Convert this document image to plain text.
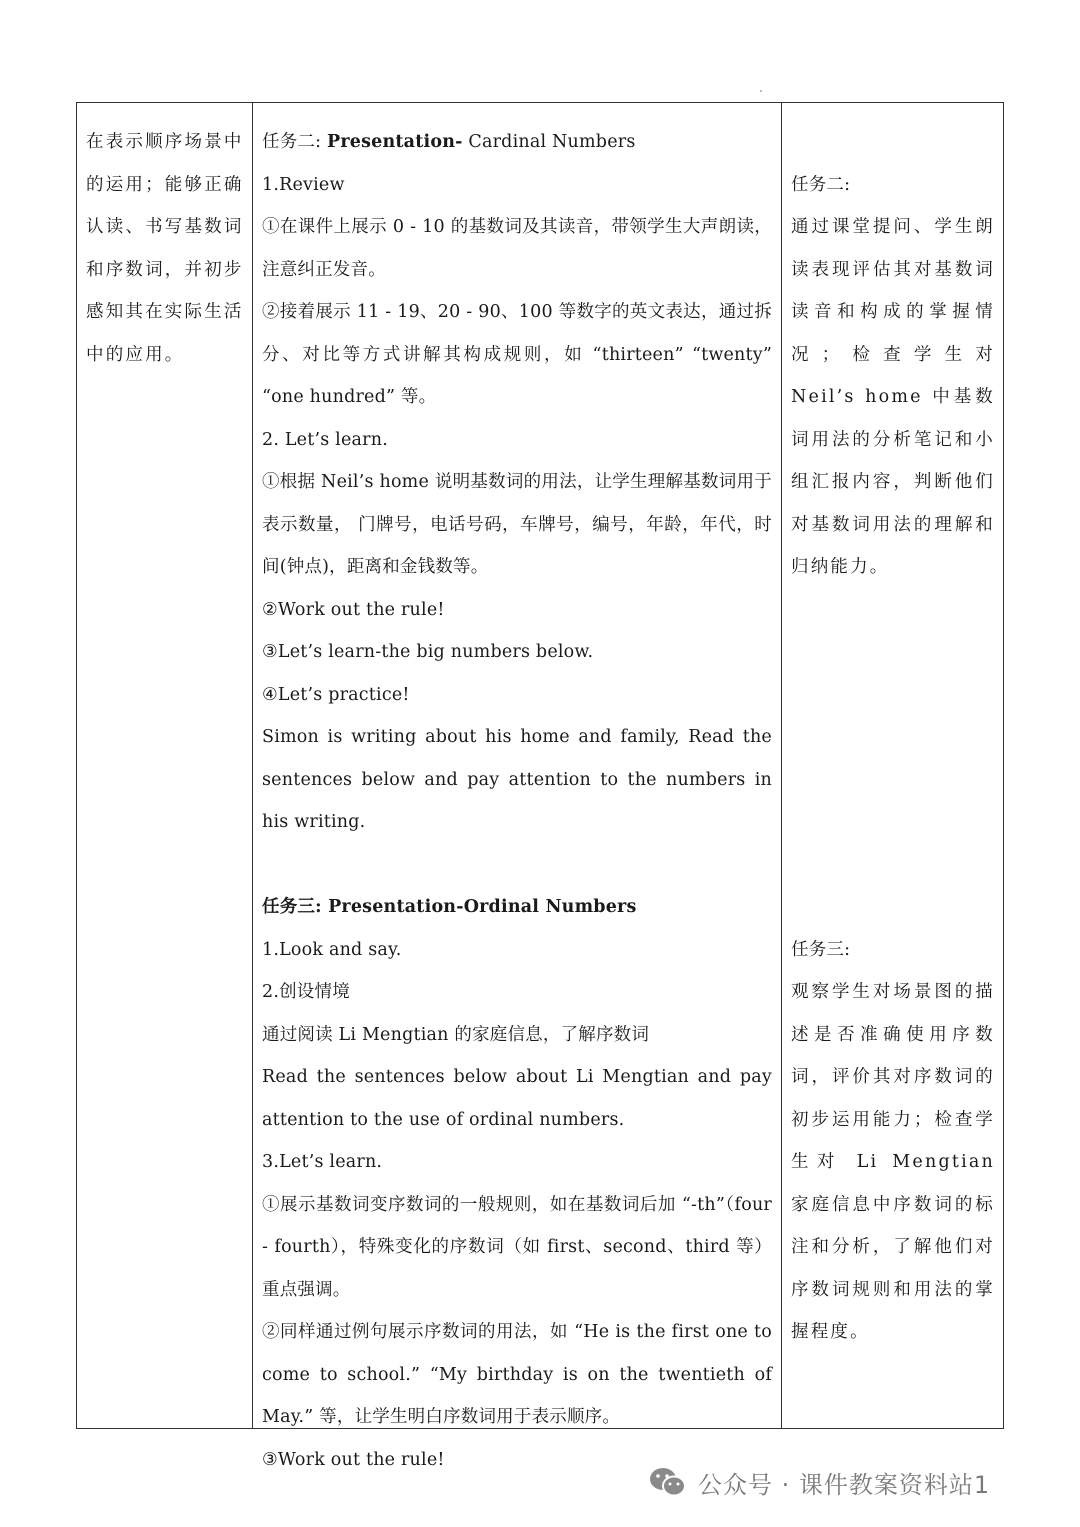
在表示顺序场景中

的运用；能够正确

认读、书写基数词

和序数词，并初步

感知其在实际生活

中的应用。

任务二: Presentation- Cardinal Numbers

1.Review

①在课件上展示 0 - 10 的基数词及其读音，带领学生大声朗读，注意纠正发音。

②接着展示 11 - 19、20 - 90、100 等数字的英文表达，通过拆分、对比等方式讲解其构成规则，如 “thirteen” “twenty” “one hundred” 等。

2. Let’s learn.

①根据 Neil’s home 说明基数词的用法，让学生理解基数词用于表示数量， 门牌号，电话号码，车牌号，编号，年龄，年代，时间(钟点)，距离和金钱数等。

②Work out the rule!

③Let’s learn-the big numbers below.

④Let’s practice!

Simon is writing about his home and family, Read the sentences below and pay attention to the numbers in his writing.

任务三: Presentation-Ordinal Numbers

1.Look and say.

2.创设情境

通过阅读 Li Mengtian 的家庭信息，了解序数词

Read the sentences below about Li Mengtian and pay attention to the use of ordinal numbers.

3.Let’s learn.

①展示基数词变序数词的一般规则，如在基数词后加 “-th”（four - fourth），特殊变化的序数词（如 first、second、third 等）重点强调。

②同样通过例句展示序数词的用法，如 “He is the first one to come to school.” “My birthday is on the twentieth of May.” 等，让学生明白序数词用于表示顺序。

③Work out the rule!

任务二:

通过课堂提问、学生朗读表现评估其对基数词读音和构成的掌握情况；检查学生对 Neil’s home 中基数词用法的分析笔记和小组汇报内容，判断他们对基数词用法的理解和归纳能力。

任务三:

观察学生对场景图的描述是否准确使用序数词，评价其对序数词的初步运用能力；检查学生对 Li Mengtian 家庭信息中序数词的标注和分析，了解他们对序数词规则和用法的掌握程度。

公众号 · 课件教案资料站1
